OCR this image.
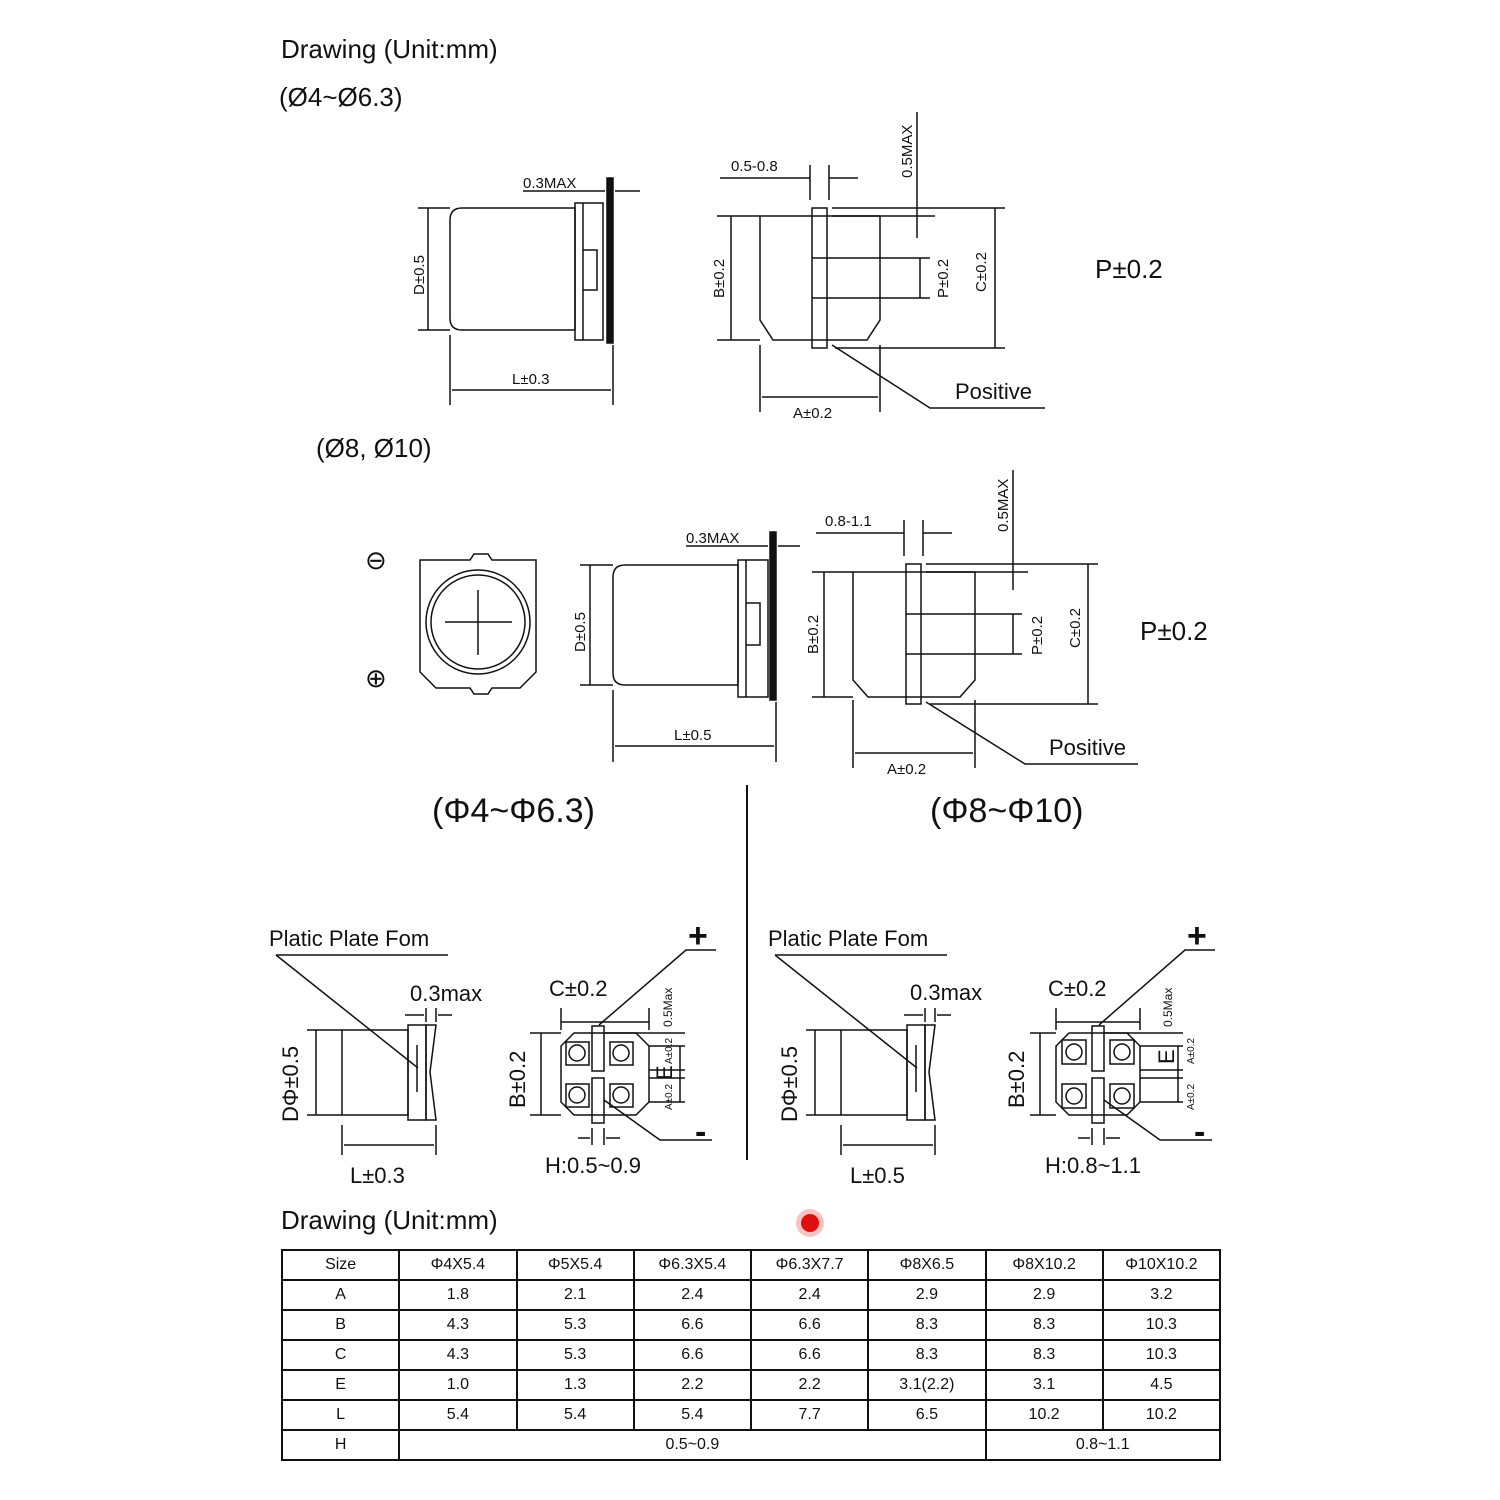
Drawing (Unit:mm)
(Ø4~Ø6.3)
(Ø8, Ø10)
(Φ4~Φ6.3)	(Φ8~Φ10)
Drawing (Unit:mm)
0.3MAX
D±0.5
L±0.3
0.5-0.8	0.5MAX
B±0.2	P±0.2 C±0.2
A±0.2
Positive
P±0.2
⊖
⊕
0.3MAX
D±0.5
L±0.5
0.8-1.1	0.5MAX
B±0.2	P±0.2 C±0.2
A±0.2
Positive
P±0.2
Platic Plate Fom
0.3max
DΦ±0.5
L±0.3
C±0.2
B±0.2
0.5Max
E
A±0.2
A±0.2
H:0.5~0.9
+
-
Platic Plate Fom
0.3max
DΦ±0.5
L±0.5
C±0.2
B±0.2
0.5Max
E A±0.2
A±0.2
H:0.8~1.1
+
-
Size	Φ4X5.4	Φ5X5.4	Φ6.3X5.4	Φ6.3X7.7	Φ8X6.5	Φ8X10.2	Φ10X10.2
A	1.8	2.1	2.4	2.4	2.9	2.9	3.2
B	4.3	5.3	6.6	6.6	8.3	8.3	10.3
C	4.3	5.3	6.6	6.6	8.3	8.3	10.3
E	1.0	1.3	2.2	2.2	3.1(2.2)	3.1	4.5
L	5.4	5.4	5.4	7.7	6.5	10.2	10.2
H	0.5~0.9					0.8~1.1	
